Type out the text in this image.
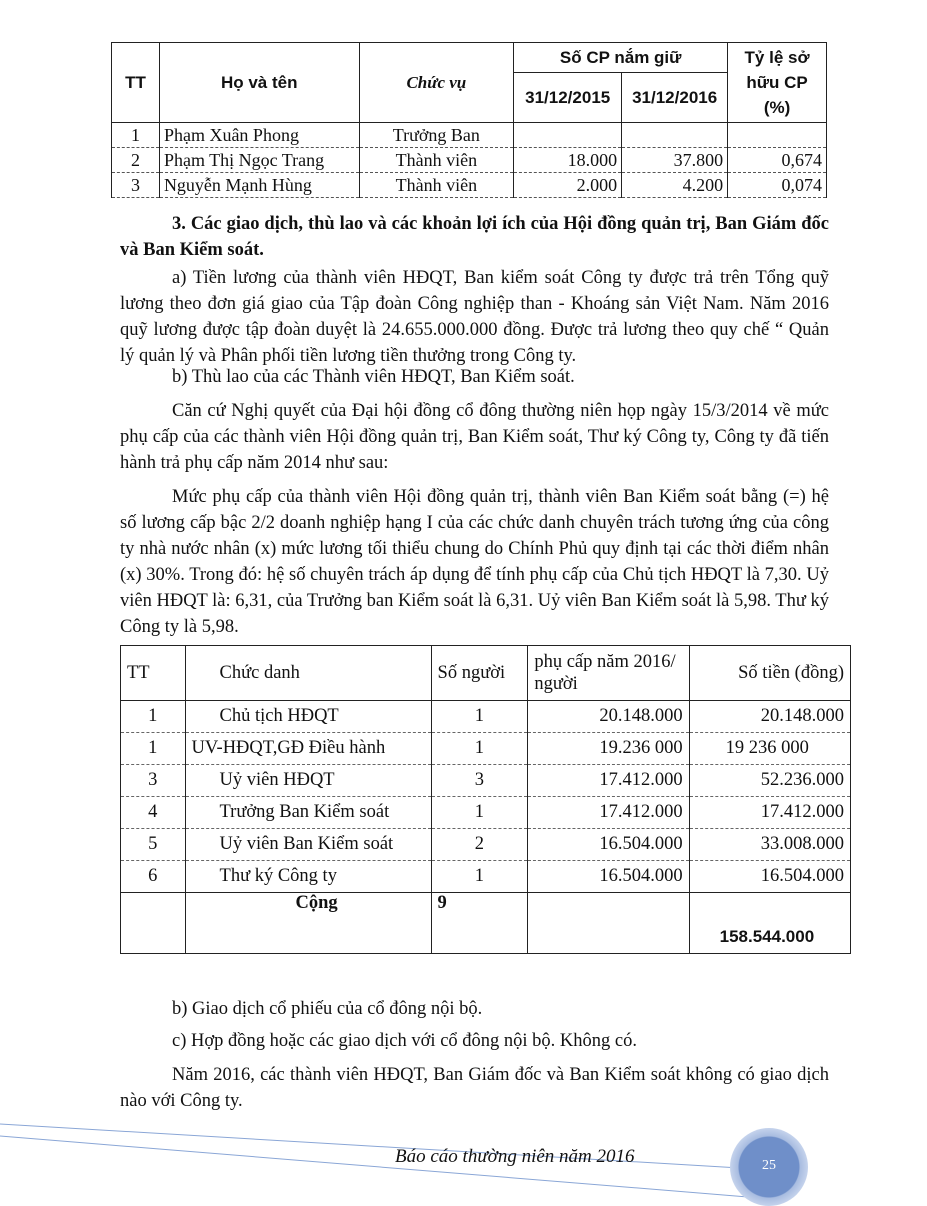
TT	Họ và tên	Chức vụ	Số CP nắm giữ		Tỷ lệ sở hữu CP (%)
			31/12/2015	31/12/2016	
1	Phạm Xuân Phong	Trưởng Ban			
2	Phạm Thị Ngọc Trang	Thành viên	18.000	37.800	0,674
3	Nguyễn Mạnh Hùng	Thành viên	2.000	4.200	0,074

3. Các giao dịch, thù lao và các khoản lợi ích của Hội đồng quản trị, Ban Giám đốc và Ban Kiểm soát.

a) Tiền lương của thành viên HĐQT, Ban kiểm soát Công ty được trả trên Tổng quỹ lương theo đơn giá giao của Tập đoàn Công nghiệp than - Khoáng sản Việt Nam. Năm 2016 quỹ lương được tập đoàn duyệt là 24.655.000.000 đồng. Được trả lương theo quy chế “ Quản lý quản lý và Phân phối tiền lương tiền thưởng trong Công ty.

b) Thù lao của các Thành viên HĐQT, Ban Kiểm soát.

Căn cứ Nghị quyết của Đại hội đồng cổ đông thường niên họp ngày 15/3/2014 về mức phụ cấp của các thành viên Hội đồng quản trị, Ban Kiểm soát, Thư ký Công ty, Công ty đã tiến hành trả phụ cấp năm 2014 như sau:

Mức phụ cấp của thành viên Hội đồng quản trị, thành viên Ban Kiểm soát bằng (=) hệ số lương cấp bậc 2/2 doanh nghiệp hạng I của các chức danh chuyên trách tương ứng của công ty nhà nước nhân (x) mức lương tối thiểu chung do Chính Phủ quy định tại các thời điểm nhân (x) 30%. Trong đó: hệ số chuyên trách áp dụng để tính phụ cấp của Chủ tịch HĐQT là 7,30. Uỷ viên HĐQT là: 6,31, của Trưởng ban Kiểm soát là 6,31. Uỷ viên Ban Kiểm soát là 5,98. Thư ký Công ty là 5,98.

TT	Chức danh	Số người	phụ cấp năm 2016/ người	Số tiền (đồng)
1	Chủ tịch HĐQT	1	20.148.000	20.148.000
1	UV-HĐQT,GĐ Điều hành	1	19.236 000	19 236 000
3	Uỷ viên HĐQT	3	17.412.000	52.236.000
4	Trưởng Ban Kiểm soát	1	17.412.000	17.412.000
5	Uỷ viên Ban Kiểm soát	2	16.504.000	33.008.000
6	Thư ký Công ty	1	16.504.000	16.504.000
	Cộng	9		158.544.000

b) Giao dịch cổ phiếu của cổ đông nội bộ.

c) Hợp đồng hoặc các giao dịch với cổ đông nội bộ. Không có.

Năm 2016, các thành viên HĐQT, Ban Giám đốc và Ban Kiểm soát không có giao dịch nào với Công ty.

Báo cáo thường niên năm 2016	25
